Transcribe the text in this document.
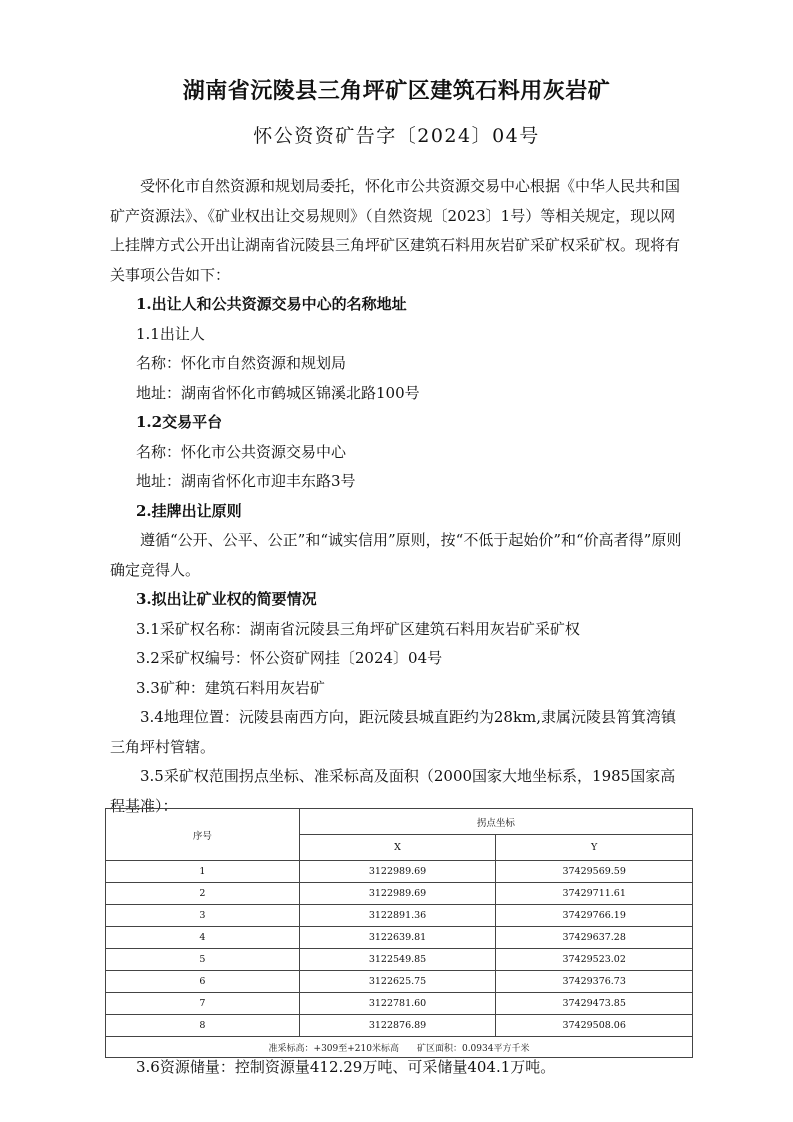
湖南省沅陵县三角坪矿区建筑石料用灰岩矿
怀公资资矿告字〔2024〕04号

受怀化市自然资源和规划局委托，怀化市公共资源交易中心根据《中华人民共和国矿产资源法》、《矿业权出让交易规则》（自然资规〔2023〕1号）等相关规定，现以网上挂牌方式公开出让湖南省沅陵县三角坪矿区建筑石料用灰岩矿采矿权采矿权。现将有关事项公告如下：

1.出让人和公共资源交易中心的名称地址

1.1出让人

名称：怀化市自然资源和规划局

地址：湖南省怀化市鹤城区锦溪北路100号

1.2交易平台

名称：怀化市公共资源交易中心

地址：湖南省怀化市迎丰东路3号

2.挂牌出让原则

遵循“公开、公平、公正”和“诚实信用”原则，按“不低于起始价”和“价高者得”原则确定竞得人。

3.拟出让矿业权的简要情况

3.1采矿权名称：湖南省沅陵县三角坪矿区建筑石料用灰岩矿采矿权

3.2采矿权编号：怀公资矿网挂〔2024〕04号

3.3矿种：建筑石料用灰岩矿

3.4地理位置：沅陵县南西方向，距沅陵县城直距约为28km,隶属沅陵县筲箕湾镇三角坪村管辖。

3.5采矿权范围拐点坐标、准采标高及面积（2000国家大地坐标系，1985国家高程基准）：

序号	拐点坐标	
	X	Y
1	3122989.69	37429569.59
2	3122989.69	37429711.61
3	3122891.36	37429766.19
4	3122639.81	37429637.28
5	3122549.85	37429523.02
6	3122625.75	37429376.73
7	3122781.60	37429473.85
8	3122876.89	37429508.06
准采标高：+309至+210米标高　　矿区面积：0.0934平方千米		
3.6资源储量：控制资源量412.29万吨、可采储量404.1万吨。
